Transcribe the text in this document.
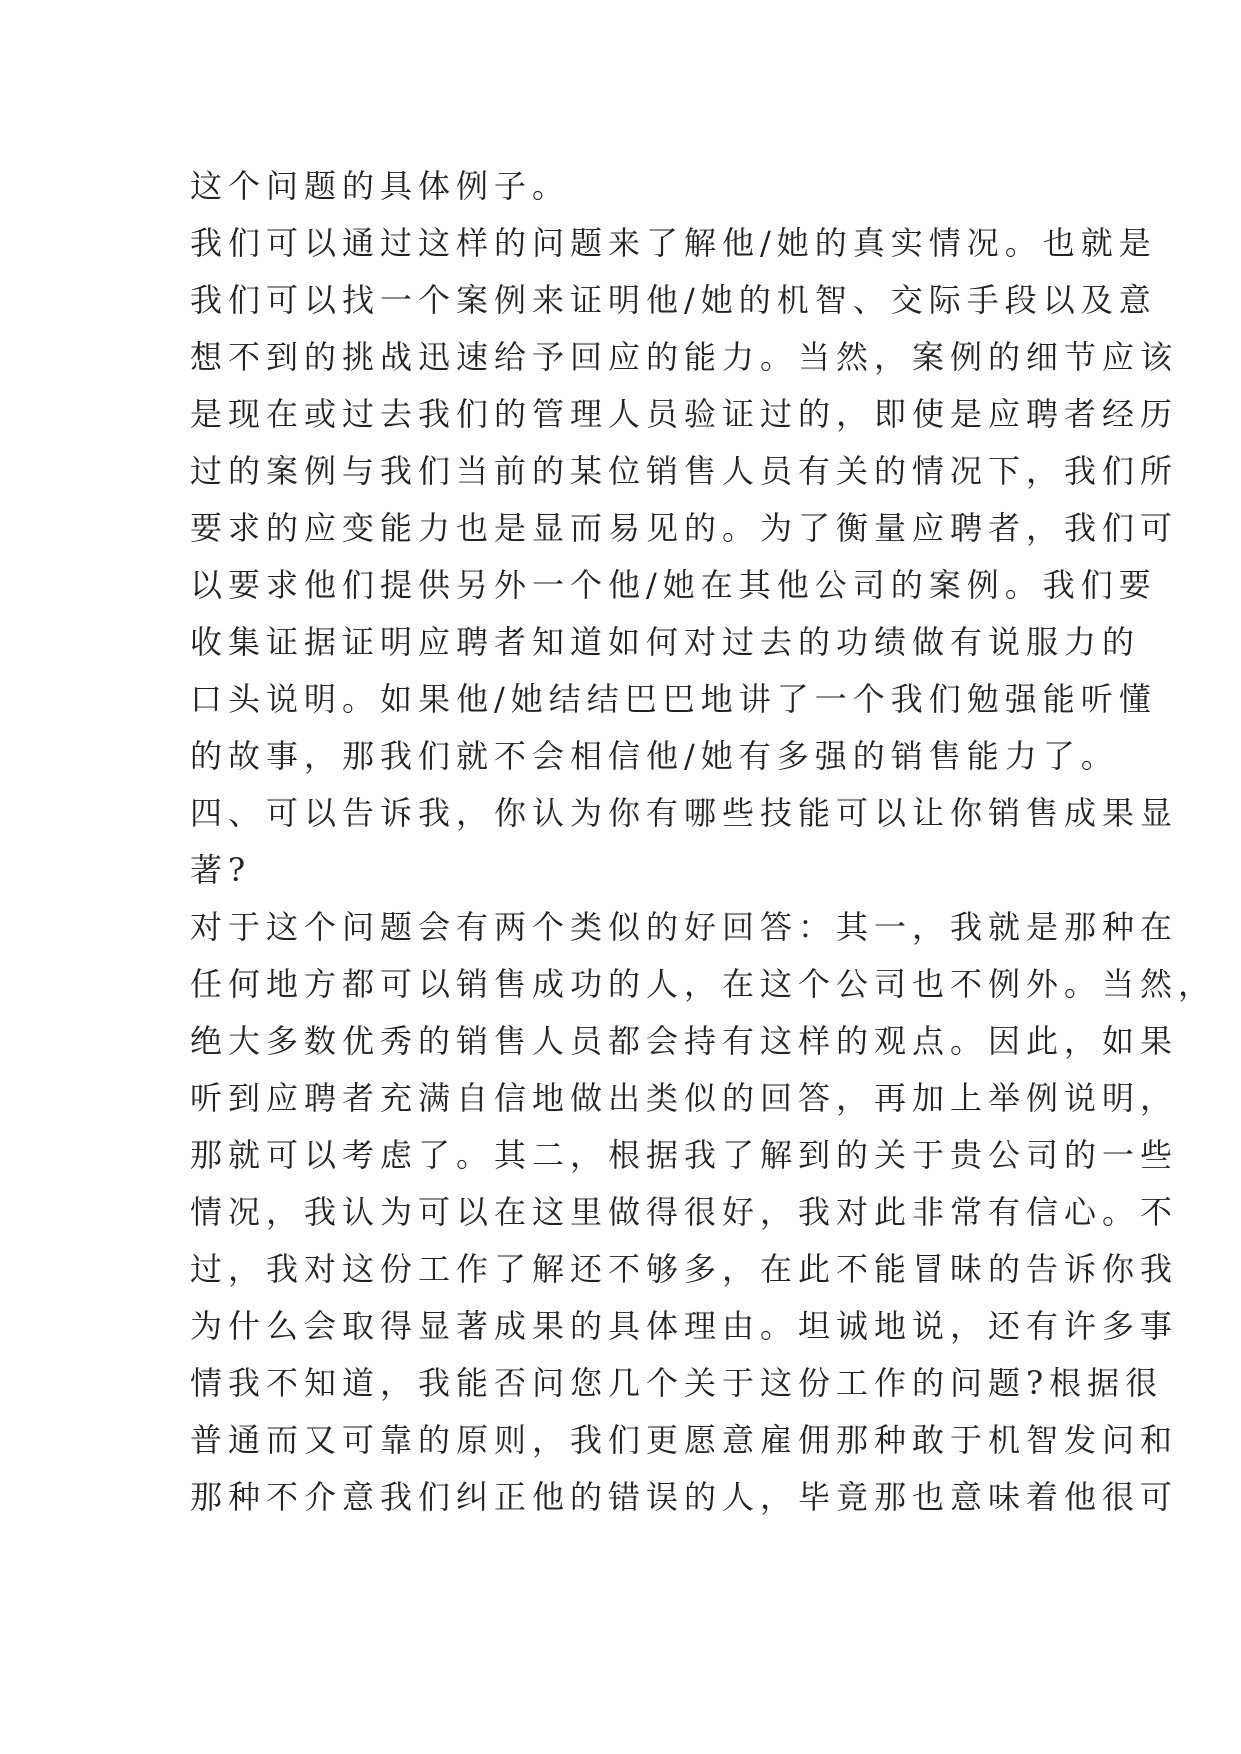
这个问题的具体例子。
我们可以通过这样的问题来了解他/她的真实情况。也就是
我们可以找一个案例来证明他/她的机智、交际手段以及意
想不到的挑战迅速给予回应的能力。当然，案例的细节应该
是现在或过去我们的管理人员验证过的，即使是应聘者经历
过的案例与我们当前的某位销售人员有关的情况下，我们所
要求的应变能力也是显而易见的。为了衡量应聘者，我们可
以要求他们提供另外一个他/她在其他公司的案例。我们要
收集证据证明应聘者知道如何对过去的功绩做有说服力的
口头说明。如果他/她结结巴巴地讲了一个我们勉强能听懂
的故事，那我们就不会相信他/她有多强的销售能力了。
四、可以告诉我，你认为你有哪些技能可以让你销售成果显
著?
对于这个问题会有两个类似的好回答：其一，我就是那种在
任何地方都可以销售成功的人，在这个公司也不例外。当然，
绝大多数优秀的销售人员都会持有这样的观点。因此，如果
听到应聘者充满自信地做出类似的回答，再加上举例说明，
那就可以考虑了。其二，根据我了解到的关于贵公司的一些
情况，我认为可以在这里做得很好，我对此非常有信心。不
过，我对这份工作了解还不够多，在此不能冒昧的告诉你我
为什么会取得显著成果的具体理由。坦诚地说，还有许多事
情我不知道，我能否问您几个关于这份工作的问题?根据很
普通而又可靠的原则，我们更愿意雇佣那种敢于机智发问和
那种不介意我们纠正他的错误的人，毕竟那也意味着他很可
